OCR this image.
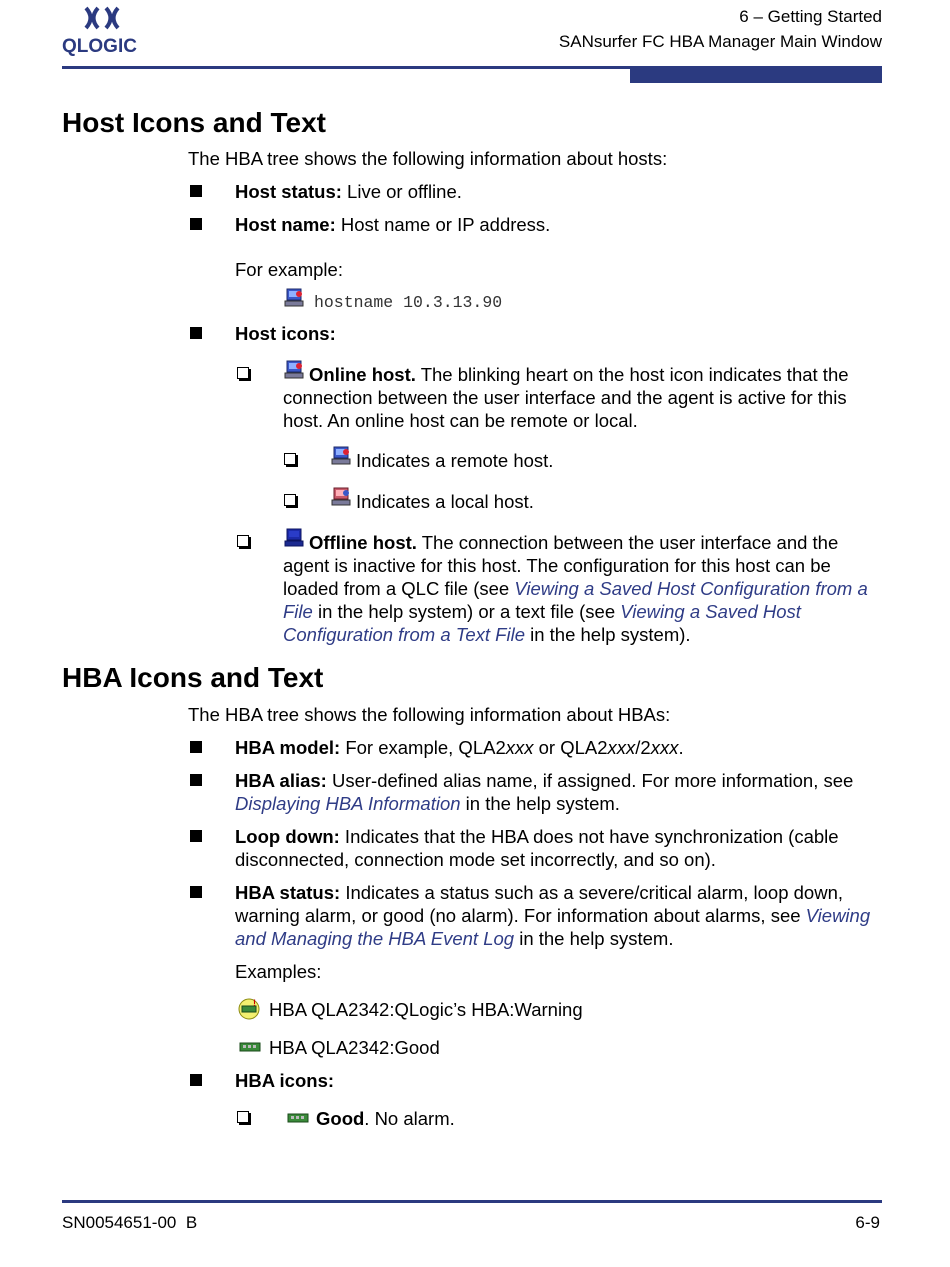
QLOGIC
6 – Getting Started
SANsurfer FC HBA Manager Main Window
Host Icons and Text
The HBA tree shows the following information about hosts:
Host status: Live or offline.
Host name: Host name or IP address.
For example:
hostname 10.3.13.90
Host icons:
Online host. The blinking heart on the host icon indicates that the connection between the user interface and the agent is active for this host. An online host can be remote or local.
Indicates a remote host.
Indicates a local host.
Offline host. The connection between the user interface and the agent is inactive for this host. The configuration for this host can be loaded from a QLC file (see Viewing a Saved Host Configuration from a File in the help system) or a text file (see Viewing a Saved Host Configuration from a Text File in the help system).
HBA Icons and Text
The HBA tree shows the following information about HBAs:
HBA model: For example, QLA2xxx or QLA2xxx/2xxx.
HBA alias: User-defined alias name, if assigned. For more information, see Displaying HBA Information in the help system.
Loop down: Indicates that the HBA does not have synchronization (cable disconnected, connection mode set incorrectly, and so on).
HBA status: Indicates a status such as a severe/critical alarm, loop down, warning alarm, or good (no alarm). For information about alarms, see Viewing and Managing the HBA Event Log in the help system.
Examples:
! HBA QLA2342:QLogic’s HBA:Warning
HBA QLA2342:Good
HBA icons:
Good. No alarm.
SN0054651-00  B	6-9
